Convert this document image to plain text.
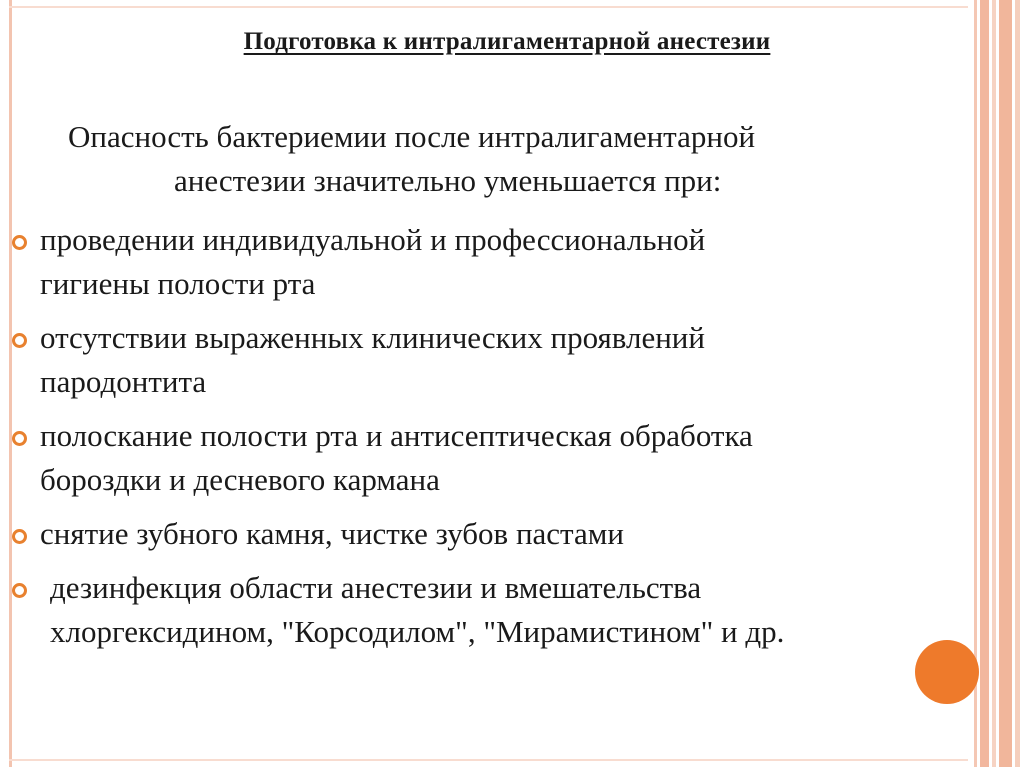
Подготовка к интралигаментарной анестезии
Опасность бактериемии после интралигаментарной
анестезии значительно уменьшается при:
проведении индивидуальной и профессиональной
гигиены полости рта
отсутствии выраженных клинических проявлений
пародонтита
полоскание полости рта и антисептическая обработка
бороздки и десневого кармана
снятие зубного камня, чистке зубов пастами
дезинфекция области анестезии и вмешательства
хлоргексидином, "Корсодилом", "Мирамистином" и др.
